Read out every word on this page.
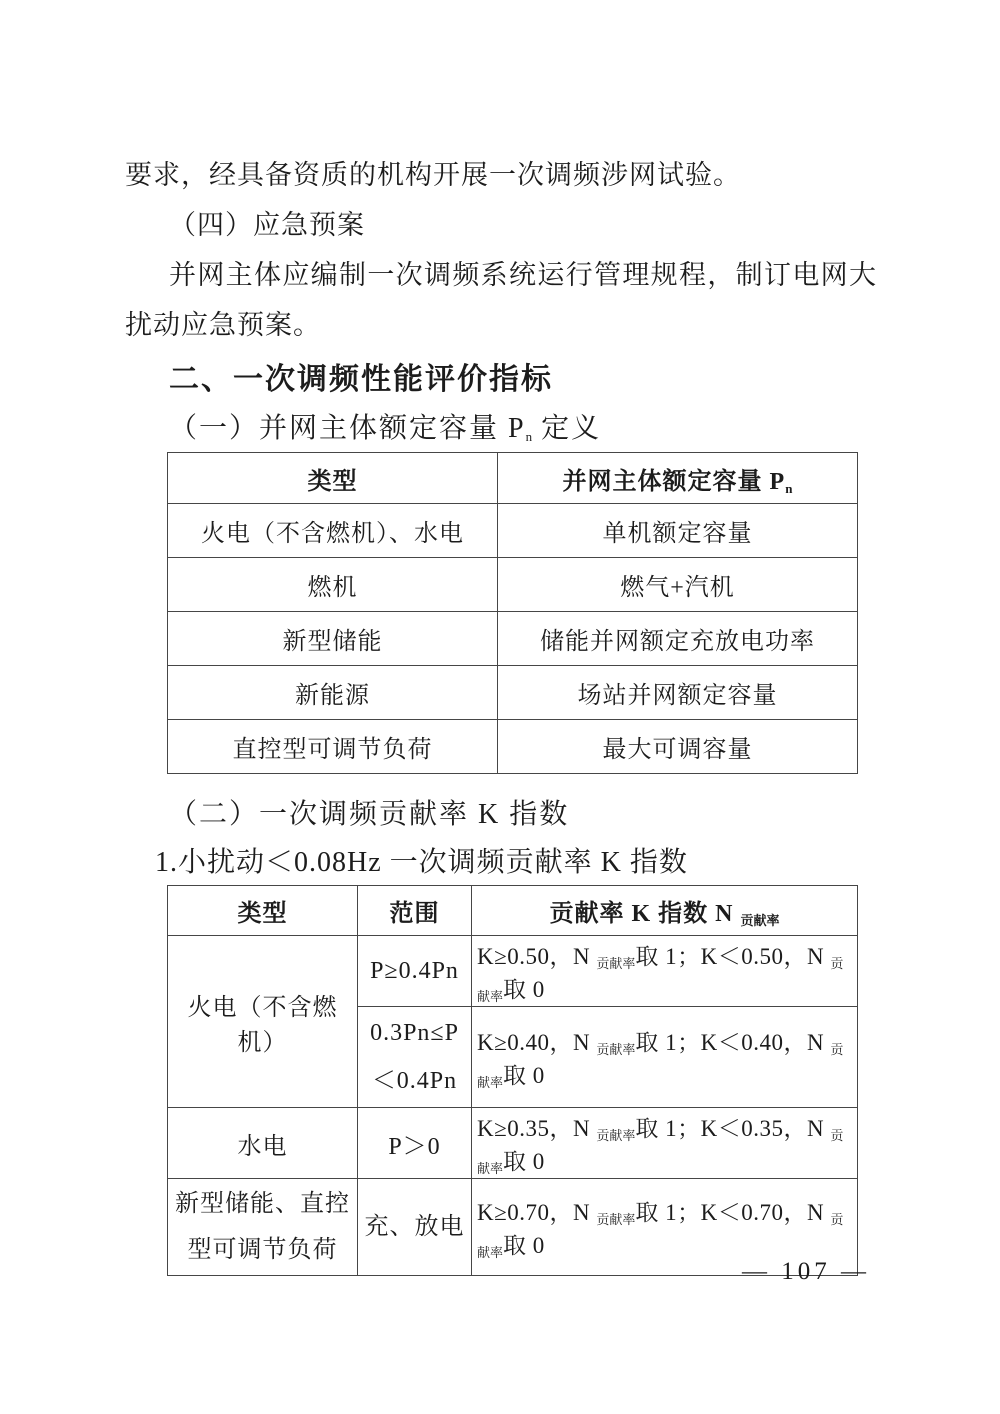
要求，经具备资质的机构开展一次调频涉网试验。

（四）应急预案

并网主体应编制一次调频系统运行管理规程，制订电网大扰动应急预案。

二、一次调频性能评价指标
（一）并网主体额定容量 $P_n$ 定义
类型	并网主体额定容量 $P_n$
火电（不含燃机）、水电	单机额定容量
燃机	燃气+汽机
新型储能	储能并网额定充放电功率
新能源	场站并网额定容量
直控型可调节负荷	最大可调容量
（二）一次调频贡献率 K 指数

1.小扰动＜0.08Hz 一次调频贡献率 K 指数

类型	范围	贡献率 K 指数 N $_{贡献率}$
火电（不含燃机）	P≥0.4Pn	K≥0.50，N $_{贡献率}$取 1；K＜0.50，N $_{贡献率}$取 0
	0.3Pn≤P＜0.4Pn	K≥0.40，N $_{贡献率}$取 1；K＜0.40，N $_{贡献率}$取 0
水电	P＞0	K≥0.35，N $_{贡献率}$取 1；K＜0.35，N $_{贡献率}$取 0
新型储能、直控型可调节负荷	充、放电	K≥0.70，N $_{贡献率}$取 1；K＜0.70，N $_{贡献率}$取 0
— 107 —
